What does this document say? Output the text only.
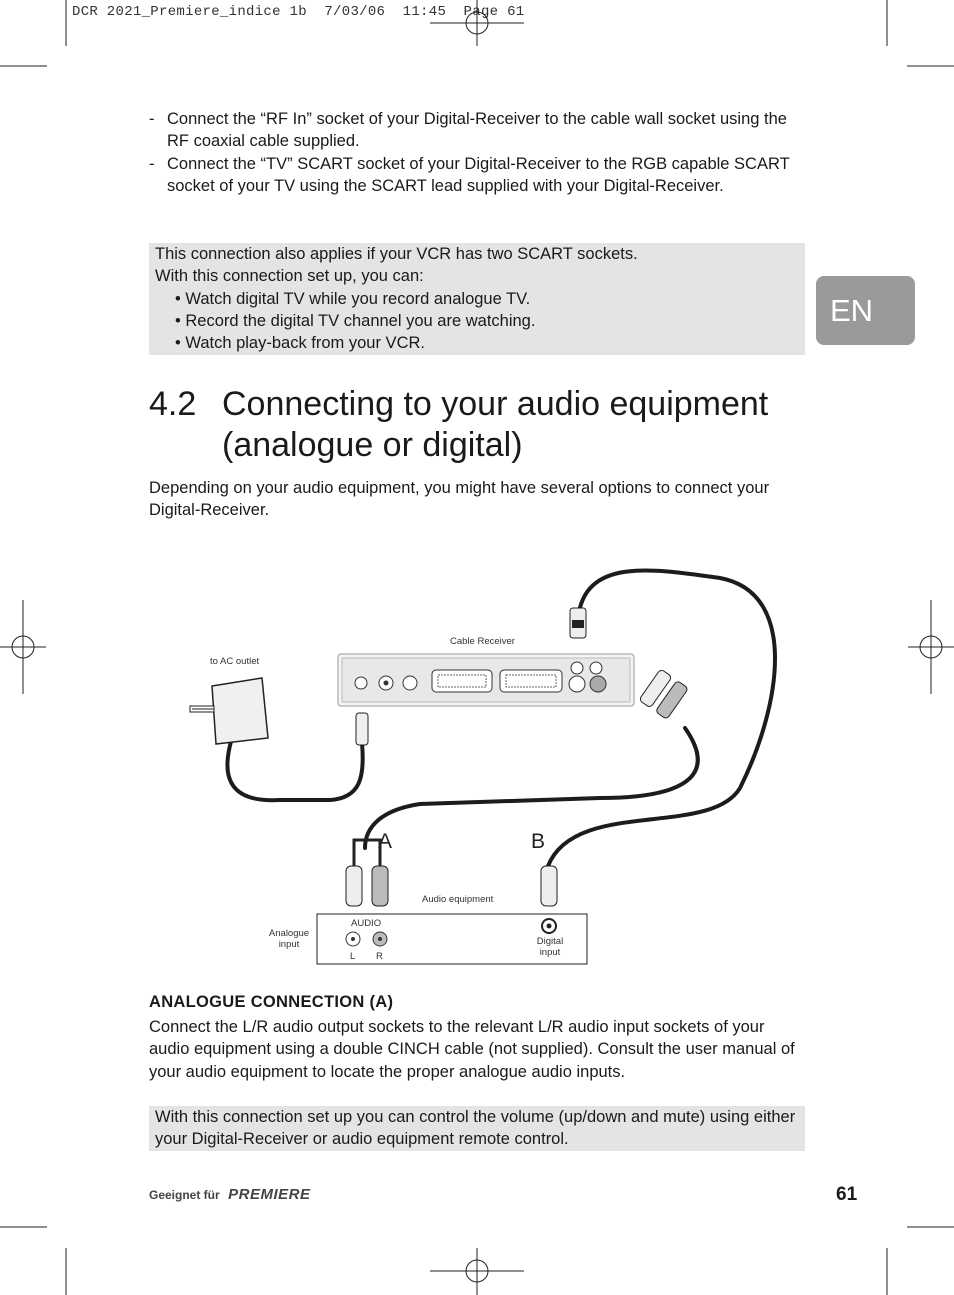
DCR 2021_Premiere_indice 1b  7/03/06  11:45  Page 61
- Connect the “RF In” socket of your Digital-Receiver to the cable wall socket using the RF coaxial cable supplied.
- Connect the “TV” SCART socket of your Digital-Receiver to the RGB capable SCART socket of your TV using the SCART lead supplied with your Digital-Receiver.
This connection also applies if your VCR has two SCART sockets.
With this connection set up, you can:
• Watch digital TV while you record analogue TV.
• Record the digital TV channel you are watching.
• Watch play-back from your VCR.
EN
4.2 Connecting to your audio equipment (analogue or digital)
Depending on your audio equipment, you might have several options to connect your Digital-Receiver.
to AC outlet
Cable Receiver
A	B
Audio equipment
AUDIO
Analogue input
L R
Digital input
ANALOGUE CONNECTION (A)
Connect the L/R audio output sockets to the relevant L/R audio input sockets of your audio equipment using a double CINCH cable (not supplied). Consult the user manual of your audio equipment to locate the proper analogue audio inputs.
With this connection set up you can control the volume (up/down and mute) using either your Digital-Receiver or audio equipment remote control.
Geeignet für PREMIERE	61
